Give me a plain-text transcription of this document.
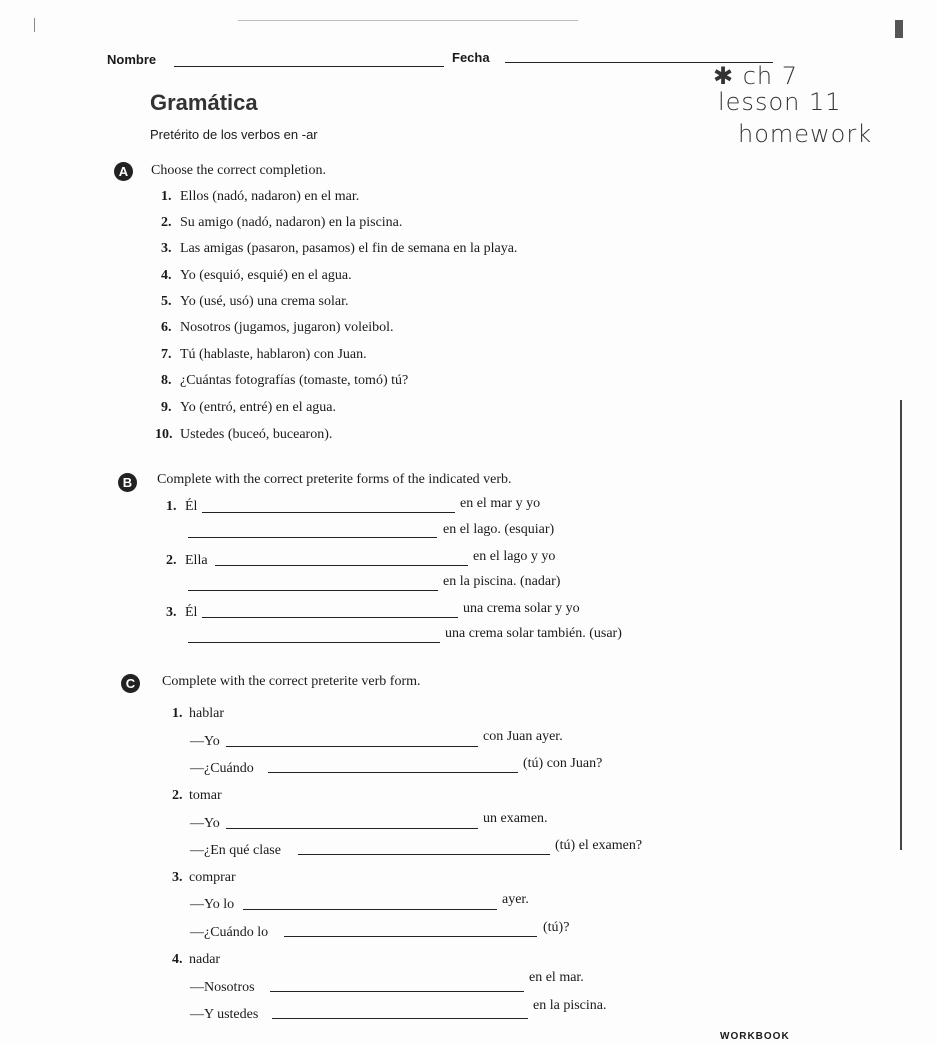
Nombre	Fecha
✱ ch 7
lesson 11
homework
Gramática
Pretérito de los verbos en -ar
A	Choose the correct completion.
1. Ellos (nadó, nadaron) en el mar.
2. Su amigo (nadó, nadaron) en la piscina.
3. Las amigas (pasaron, pasamos) el fin de semana en la playa.
4. Yo (esquió, esquié) en el agua.
5. Yo (usé, usó) una crema solar.
6. Nosotros (jugamos, jugaron) voleibol.
7. Tú (hablaste, hablaron) con Juan.
8. ¿Cuántas fotografías (tomaste, tomó) tú?
9. Yo (entró, entré) en el agua.
10. Ustedes (buceó, bucearon).
B	Complete with the correct preterite forms of the indicated verb.
1. Él	en el mar y yo
en el lago. (esquiar)
2. Ella	en el lago y yo
en la piscina. (nadar)
3. Él	una crema solar y yo
una crema solar también. (usar)
C	Complete with the correct preterite verb form.
1. hablar
—Yo	con Juan ayer.
—¿Cuándo	(tú) con Juan?
2. tomar
—Yo	un examen.
—¿En qué clase	(tú) el examen?
3. comprar
—Yo lo	ayer.
—¿Cuándo lo	(tú)?
4. nadar
—Nosotros
en el mar.
—Y ustedes
en la piscina.
WORKBOOK
